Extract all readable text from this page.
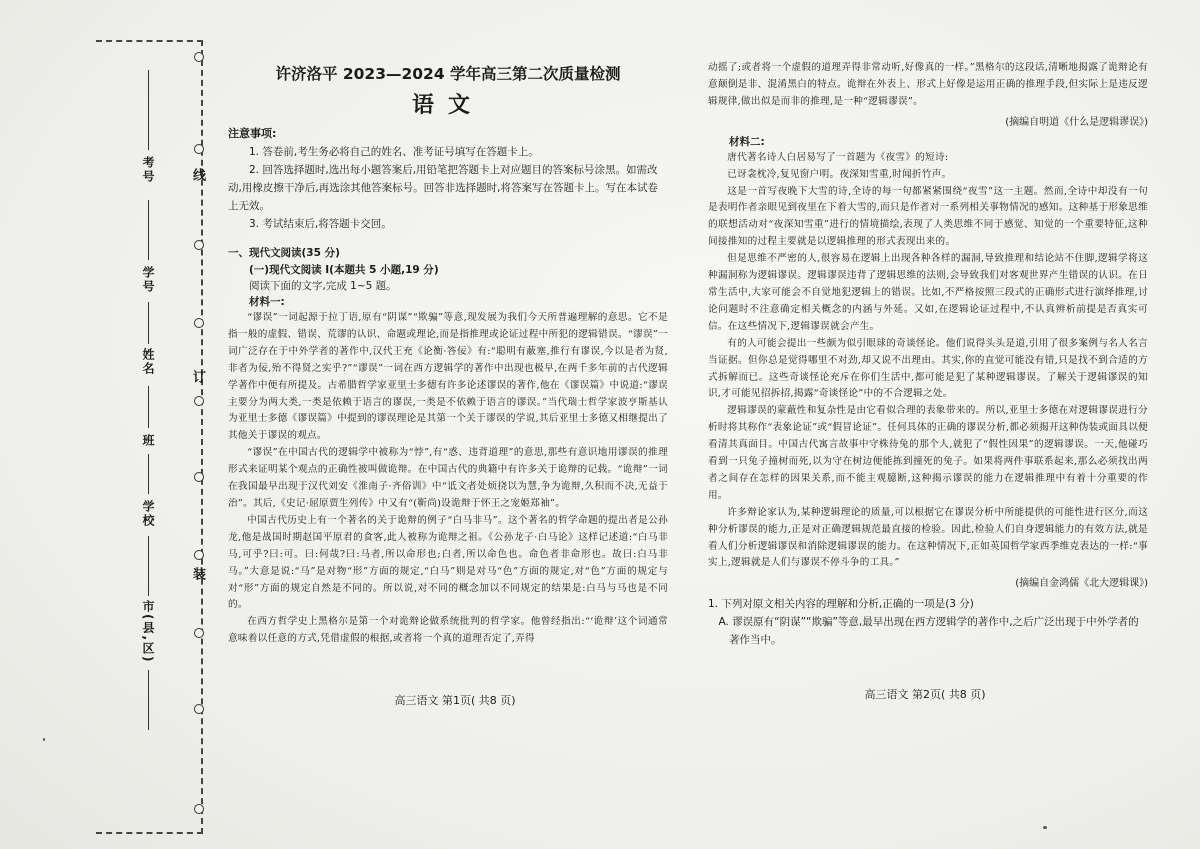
线
订
装
考号
学号
姓名
班
学校
市(县,区)
许济洛平 2023—2024 学年高三第二次质量检测
语文
注意事项:

1. 答卷前,考生务必将自己的姓名、准考证号填写在答题卡上。

2. 回答选择题时,选出每小题答案后,用铅笔把答题卡上对应题目的答案标号涂黑。如需改动,用橡皮擦干净后,再选涂其他答案标号。回答非选择题时,将答案写在答题卡上。写在本试卷上无效。

3. 考试结束后,将答题卡交回。

一、现代文阅读(35 分)
(一)现代文阅读 I(本题共 5 小题,19 分)
阅读下面的文字,完成 1~5 题。
材料一:

“谬误”一词起源于拉丁语,原有“阴谋”“欺骗”等意,现发展为我们今天所普遍理解的意思。它不是指一般的虚假、错误、荒谬的认识、命题或理论,而是指推理或论证过程中所犯的逻辑错误。“谬误”一词广泛存在于中外学者的著作中,汉代王充《论衡·答佞》有:“聪明有蔽塞,推行有谬误,今以是者为贤,非者为佞,殆不得贤之实乎?”“谬误”一词在西方逻辑学的著作中出现也极早,在两千多年前的古代逻辑学著作中便有所提及。古希腊哲学家亚里士多德有许多论述谬误的著作,他在《谬误篇》中说道:“谬误主要分为两大类,一类是依赖于语言的谬误,一类是不依赖于语言的谬误。”当代瑞士哲学家波亨斯基认为亚里士多德《谬误篇》中提到的谬误理论是其第一个关于谬误的学说,其后亚里士多德又相继提出了其他关于谬误的观点。

“谬误”在中国古代的逻辑学中被称为“悖”,有“惑、违背道理”的意思,那些有意识地用谬误的推理形式来证明某个观点的正确性被叫做诡辩。在中国古代的典籍中有许多关于诡辩的记载。“诡辩”一词在我国最早出现于汉代刘安《淮南子·齐俗训》中“诋文者处烦挠以为慧,争为诡辩,久积而不决,无益于治”。其后,《史记·屈原贾生列传》中又有“(靳尚)设诡辩于怀王之宠姬郑袖”。

中国古代历史上有一个著名的关于诡辩的例子“白马非马”。这个著名的哲学命题的提出者是公孙龙,他是战国时期赵国平原君的食客,此人被称为诡辩之祖。《公孙龙子·白马论》这样记述道:“白马非马,可乎?曰:可。曰:何哉?曰:马者,所以命形也;白者,所以命色也。命色者非命形也。故曰:白马非马。”大意是说:“马”是对物“形”方面的规定,“白马”则是对马“色”方面的规定,对“色”方面的规定与对“形”方面的规定自然是不同的。所以说,对不同的概念加以不同规定的结果是:白马与马也是不同的。

在西方哲学史上黑格尔是第一个对诡辩论做系统批判的哲学家。他曾经指出:“‘诡辩’这个词通常意味着以任意的方式,凭借虚假的根据,或者将一个真的道理否定了,弄得

高三语文 第1页( 共8 页)

动摇了;或者将一个虚假的道理弄得非常动听,好像真的一样。”黑格尔的这段话,清晰地揭露了诡辩论有意颠倒是非、混淆黑白的特点。诡辩在外表上、形式上好像是运用正确的推理手段,但实际上是违反逻辑规律,做出似是而非的推理,是一种“逻辑谬误”。

(摘编自明道《什么是逻辑谬误》)
材料二:

唐代著名诗人白居易写了一首题为《夜雪》的短诗:

已讶衾枕冷,复见窗户明。夜深知雪重,时闻折竹声。

这是一首写夜晚下大雪的诗,全诗的每一句都紧紧围绕“夜雪”这一主题。然而,全诗中却没有一句是表明作者亲眼见到夜里在下着大雪的,而只是作者对一系列相关事物情况的感知。这种基于形象思维的联想活动对“夜深知雪重”进行的情境描绘,表现了人类思维不同于感觉、知觉的一个重要特征,这种间接推知的过程主要就是以逻辑推理的形式表现出来的。

但是思维不严密的人,很容易在逻辑上出现各种各样的漏洞,导致推理和结论站不住脚,逻辑学将这种漏洞称为逻辑谬误。逻辑谬误违背了逻辑思维的法则,会导致我们对客观世界产生错误的认识。在日常生活中,大家可能会不自觉地犯逻辑上的错误。比如,不严格按照三段式的正确形式进行演绎推理,讨论问题时不注意确定相关概念的内涵与外延。又如,在逻辑论证过程中,不认真辨析前提是否真实可信。在这些情况下,逻辑谬误就会产生。

有的人可能会提出一些颇为似引眼球的奇谈怪论。他们说得头头是道,引用了很多案例与名人名言当证据。但你总是觉得哪里不对劲,却又说不出理由。其实,你的直觉可能没有错,只是找不到合适的方式拆解而已。这些奇谈怪论充斥在你们生活中,都可能是犯了某种逻辑谬误。了解关于逻辑谬误的知识,才可能见招拆招,揭露“奇谈怪论”中的不合逻辑之处。

逻辑谬误的蒙蔽性和复杂性是由它看似合理的表象带来的。所以,亚里士多德在对逻辑谬误进行分析时将其称作“表象论证”或“假冒论证”。任何具体的正确的谬误分析,都必须揭开这种伪装或面具以便看清其真面目。中国古代寓言故事中守株待兔的那个人,就犯了“假性因果”的逻辑谬误。一天,他碰巧看到一只兔子撞树而死,以为守在树边便能拣到撞死的兔子。如果将两件事联系起来,那么必须找出两者之间存在怎样的因果关系,而不能主观臆断,这种揭示谬误的能力在逻辑推理中有着十分重要的作用。

许多辩论家认为,某种逻辑理论的质量,可以根据它在谬误分析中所能提供的可能性进行区分,而这种分析谬误的能力,正是对正确逻辑规范最直接的检验。因此,检验人们自身逻辑能力的有效方法,就是看人们分析逻辑谬误和消除逻辑谬误的能力。在这种情况下,正如英国哲学家西季维克表达的一样:“事实上,逻辑就是人们与谬误不停斗争的工具。”

(摘编自金鸿儒《北大逻辑课》)
1. 下列对原文相关内容的理解和分析,正确的一项是(3 分)
A. 谬误原有“阴谋”“欺骗”等意,最早出现在西方逻辑学的著作中,之后广泛出现于中外学者的著作当中。
高三语文 第2页( 共8 页)
